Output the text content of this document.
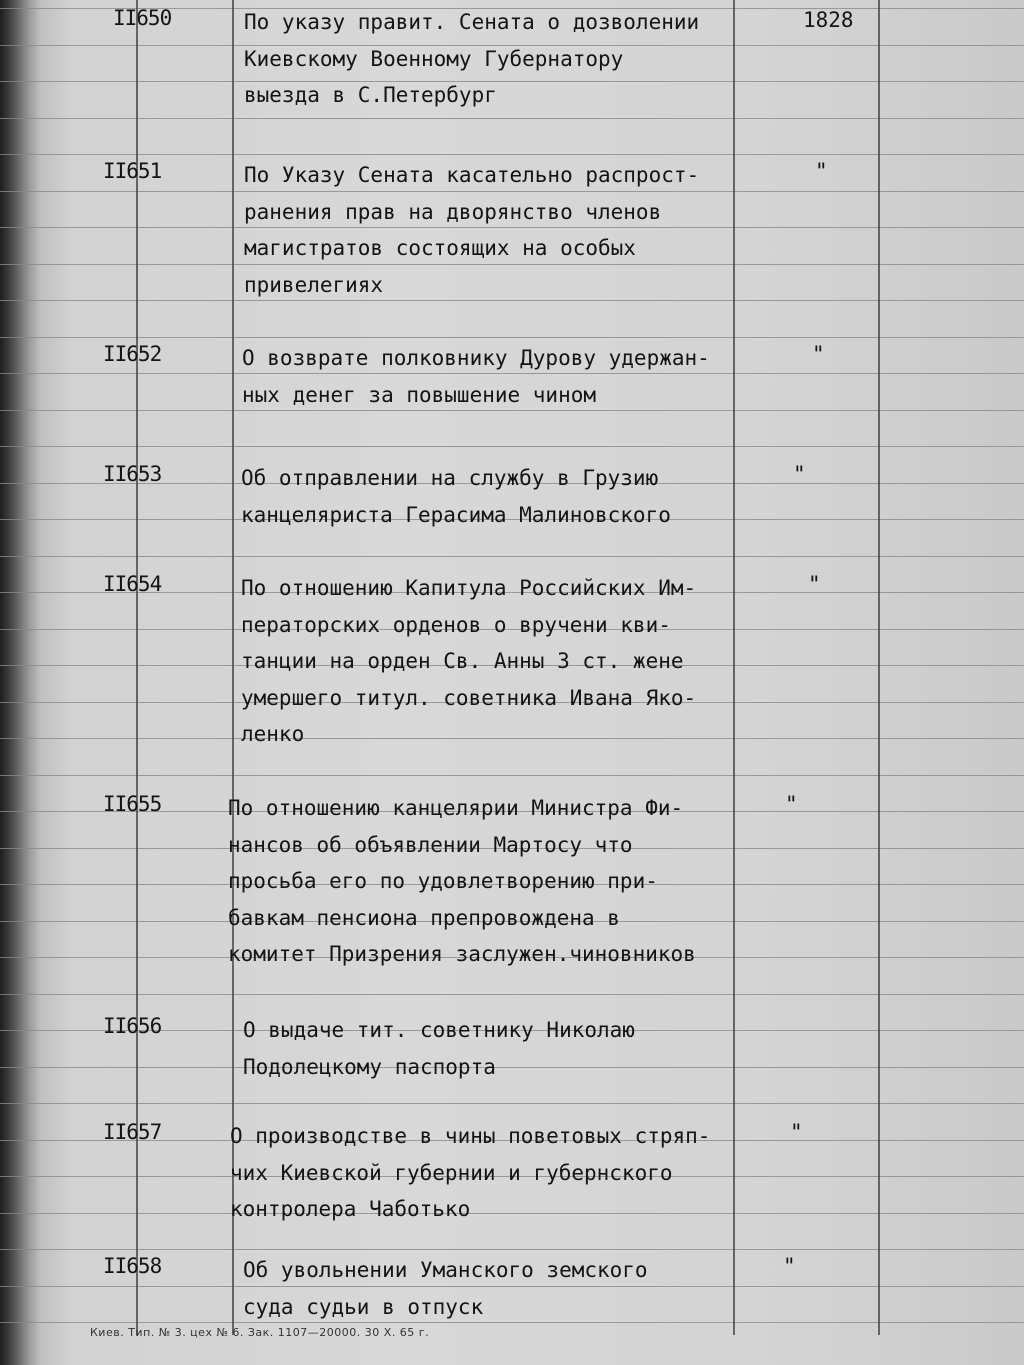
II650	По указу правит. Сената о дозволении
Киевскому Военному Губернатору
выезда в С.Петербург
1828
II651	По Указу Сената касательно распрост-
ранения прав на дворянство членов
магистратов состоящих на особых
привелегиях
"
II652	О возврате полковнику Дурову удержан-
ных денег за повышение чином
"
II653	Об отправлении на службу в Грузию
канцеляриста Герасима Малиновского
"
II654	По отношению Капитула Российских Им-
ператорских орденов о вручени кви-
танции на орден Св. Анны 3 ст. жене
умершего титул. советника Ивана Яко-
ленко
"
II655	По отношению канцелярии Министра Фи-
нансов об объявлении Мартосу что
просьба его по удовлетворению при-
бавкам пенсиона препровождена в
комитет Призрения заслужен.чиновников
"
II656	О выдаче тит. советнику Николаю
Подолецкому паспорта
II657	О производстве в чины поветовых стряп-
чих Киевской губернии и губернского
контролера Чаботько
"
II658	Об увольнении Уманского земского
суда судьи в отпуск
"
Киев. Тип. № 3. цех № 6. Зак. 1107—20000. 30 X. 65 г.
